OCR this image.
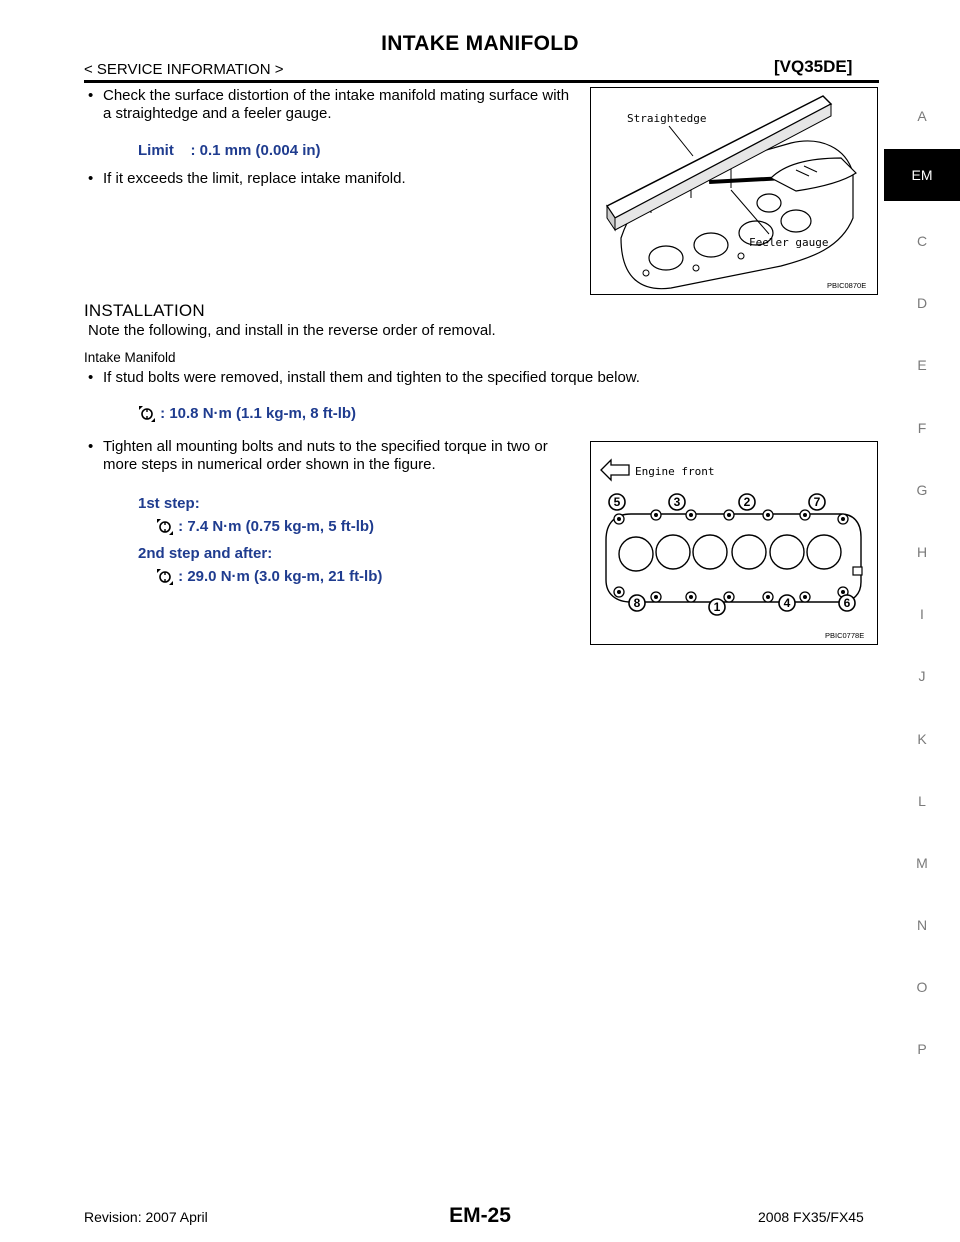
INTAKE MANIFOLD
< SERVICE INFORMATION >	[VQ35DE]
• Check the surface distortion of the intake manifold mating surface with a straightedge and a feeler gauge.
Limit    : 0.1 mm (0.004 in)
• If it exceeds the limit, replace intake manifold.
Straightedge
Feeler gauge
PBIC0870E
INSTALLATION
Note the following, and install in the reverse order of removal.
Intake Manifold
• If stud bolts were removed, install them and tighten to the specified torque below.
: 10.8 N·m (1.1 kg-m, 8 ft-lb)
• Tighten all mounting bolts and nuts to the specified torque in two or more steps in numerical order shown in the figure.
1st step:
: 7.4 N·m (0.75 kg-m, 5 ft-lb)
2nd step and after:
: 29.0 N·m (3.0 kg-m, 21 ft-lb)
Engine front
5	3	2	7
8	1	4	6
PBIC0778E
A
EM
C
D
E
F
G
H
I
J
K
L
M
N
O
P
Revision: 2007 April	EM-25	2008 FX35/FX45
